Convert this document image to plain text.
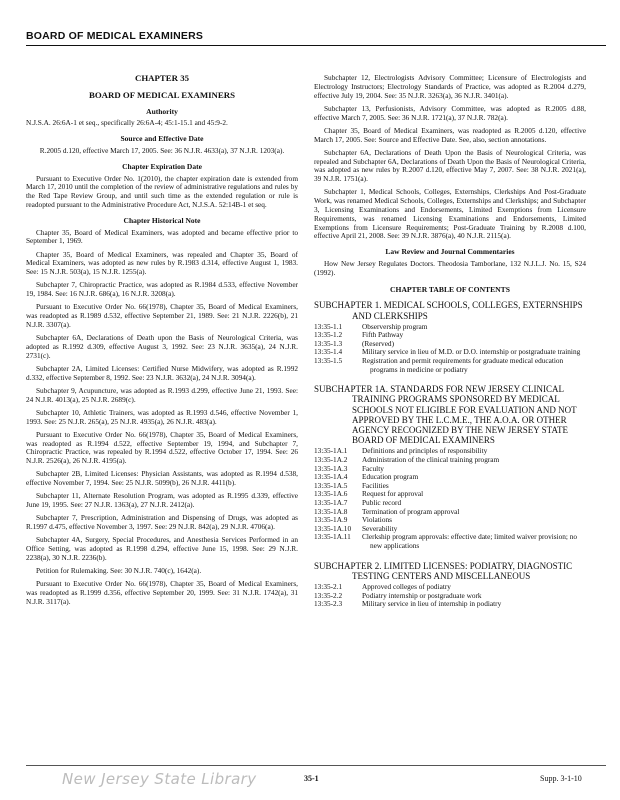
BOARD OF MEDICAL EXAMINERS
CHAPTER 35
BOARD OF MEDICAL EXAMINERS
Authority

N.J.S.A. 26:6A-1 et seq., specifically 26:6A-4; 45:1-15.1 and 45:9-2.

Source and Effective Date

R.2005 d.120, effective March 17, 2005. See: 36 N.J.R. 4633(a), 37 N.J.R. 1203(a).

Chapter Expiration Date

Pursuant to Executive Order No. 1(2010), the chapter expiration date is extended from March 17, 2010 until the completion of the review of administrative regulations and rules by the Red Tape Review Group, and until such time as the extended regulation or rule is readopted pursuant to the Administrative Procedure Act, N.J.S.A. 52:14B-1 et seq.

Chapter Historical Note

Chapter 35, Board of Medical Examiners, was adopted and became effective prior to September 1, 1969.

Chapter 35, Board of Medical Examiners, was repealed and Chapter 35, Board of Medical Examiners, was adopted as new rules by R.1983 d.314, effective August 1, 1983. See: 15 N.J.R. 503(a), 15 N.J.R. 1255(a).

Subchapter 7, Chiropractic Practice, was adopted as R.1984 d.533, effective November 19, 1984. See: 16 N.J.R. 686(a), 16 N.J.R. 3208(a).

Pursuant to Executive Order No. 66(1978), Chapter 35, Board of Medical Examiners, was readopted as R.1989 d.532, effective September 21, 1989. See: 21 N.J.R. 2226(b), 21 N.J.R. 3307(a).

Subchapter 6A, Declarations of Death upon the Basis of Neurological Criteria, was adopted as R.1992 d.309, effective August 3, 1992. See: 23 N.J.R. 3635(a), 24 N.J.R. 2731(c).

Subchapter 2A, Limited Licenses: Certified Nurse Midwifery, was adopted as R.1992 d.332, effective September 8, 1992. See: 23 N.J.R. 3632(a), 24 N.J.R. 3094(a).

Subchapter 9, Acupuncture, was adopted as R.1993 d.299, effective June 21, 1993. See: 24 N.J.R. 4013(a), 25 N.J.R. 2689(c).

Subchapter 10, Athletic Trainers, was adopted as R.1993 d.546, effective November 1, 1993. See: 25 N.J.R. 265(a), 25 N.J.R. 4935(a), 26 N.J.R. 483(a).

Pursuant to Executive Order No. 66(1978), Chapter 35, Board of Medical Examiners, was readopted as R.1994 d.522, effective September 19, 1994, and Subchapter 7, Chiropractic Practice, was repealed by R.1994 d.522, effective October 17, 1994. See: 26 N.J.R. 2526(a), 26 N.J.R. 4195(a).

Subchapter 2B, Limited Licenses: Physician Assistants, was adopted as R.1994 d.538, effective November 7, 1994. See: 25 N.J.R. 5099(b), 26 N.J.R. 4411(b).

Subchapter 11, Alternate Resolution Program, was adopted as R.1995 d.339, effective June 19, 1995. See: 27 N.J.R. 1363(a), 27 N.J.R. 2412(a).

Subchapter 7, Prescription, Administration and Dispensing of Drugs, was adopted as R.1997 d.475, effective November 3, 1997. See: 29 N.J.R. 842(a), 29 N.J.R. 4706(a).

Subchapter 4A, Surgery, Special Procedures, and Anesthesia Services Performed in an Office Setting, was adopted as R.1998 d.294, effective June 15, 1998. See: 29 N.J.R. 2238(a), 30 N.J.R. 2236(b).

Petition for Rulemaking. See: 30 N.J.R. 740(c), 1642(a).

Pursuant to Executive Order No. 66(1978), Chapter 35, Board of Medical Examiners, was readopted as R.1999 d.356, effective September 20, 1999. See: 31 N.J.R. 1742(a), 31 N.J.R. 3117(a).

Subchapter 12, Electrologists Advisory Committee; Licensure of Electrologists and Electrology Instructors; Electrology Standards of Practice, was adopted as R.2004 d.279, effective July 19, 2004. See: 35 N.J.R. 3263(a), 36 N.J.R. 3401(a).

Subchapter 13, Perfusionists, Advisory Committee, was adopted as R.2005 d.88, effective March 7, 2005. See: 36 N.J.R. 1721(a), 37 N.J.R. 782(a).

Chapter 35, Board of Medical Examiners, was readopted as R.2005 d.120, effective March 17, 2005. See: Source and Effective Date. See, also, section annotations.

Subchapter 6A, Declarations of Death Upon the Basis of Neurological Criteria, was repealed and Subchapter 6A, Declarations of Death Upon the Basis of Neurological Criteria, was adopted as new rules by R.2007 d.120, effective May 7, 2007. See: 38 N.J.R. 2021(a), 39 N.J.R. 1751(a).

Subchapter 1, Medical Schools, Colleges, Externships, Clerkships And Post-Graduate Work, was renamed Medical Schools, Colleges, Externships and Clerkships; and Subchapter 3, Licensing Examinations and Endorsements, Limited Exemptions from Licensure Requirements, was renamed Licensing Examinations and Endorsements, Limited Exemptions from Licensure Requirements; Post-Graduate Training by R.2008 d.100, effective April 21, 2008. See: 39 N.J.R. 3876(a), 40 N.J.R. 2115(a).

Law Review and Journal Commentaries

How New Jersey Regulates Doctors. Theodosia Tamborlane, 132 N.J.L.J. No. 15, S24 (1992).

CHAPTER TABLE OF CONTENTS
SUBCHAPTER 1. MEDICAL SCHOOLS, COLLEGES, EXTERNSHIPS AND CLERKSHIPS
13:35-1.1	Observership program
13:35-1.2	Fifth Pathway
13:35-1.3	(Reserved)
13:35-1.4	Military service in lieu of M.D. or D.O. internship or postgraduate training
13:35-1.5	Registration and permit requirements for graduate medical education programs in medicine or podiatry
SUBCHAPTER 1A. STANDARDS FOR NEW JERSEY CLINICAL TRAINING PROGRAMS SPONSORED BY MEDICAL SCHOOLS NOT ELIGIBLE FOR EVALUATION AND NOT APPROVED BY THE L.C.M.E., THE A.O.A. OR OTHER AGENCY RECOGNIZED BY THE NEW JERSEY STATE BOARD OF MEDICAL EXAMINERS
13:35-1A.1	Definitions and principles of responsibility
13:35-1A.2	Administration of the clinical training program
13:35-1A.3	Faculty
13:35-1A.4	Education program
13:35-1A.5	Facilities
13:35-1A.6	Request for approval
13:35-1A.7	Public record
13:35-1A.8	Termination of program approval
13:35-1A.9	Violations
13:35-1A.10	Severability
13:35-1A.11	Clerkship program approvals: effective date; limited waiver provision; no new applications
SUBCHAPTER 2. LIMITED LICENSES: PODIATRY, DIAGNOSTIC TESTING CENTERS AND MISCELLANEOUS
13:35-2.1	Approved colleges of podiatry
13:35-2.2	Podiatry internship or postgraduate work
13:35-2.3	Military service in lieu of internship in podiatry
New Jersey State Library	35-1	Supp. 3-1-10
